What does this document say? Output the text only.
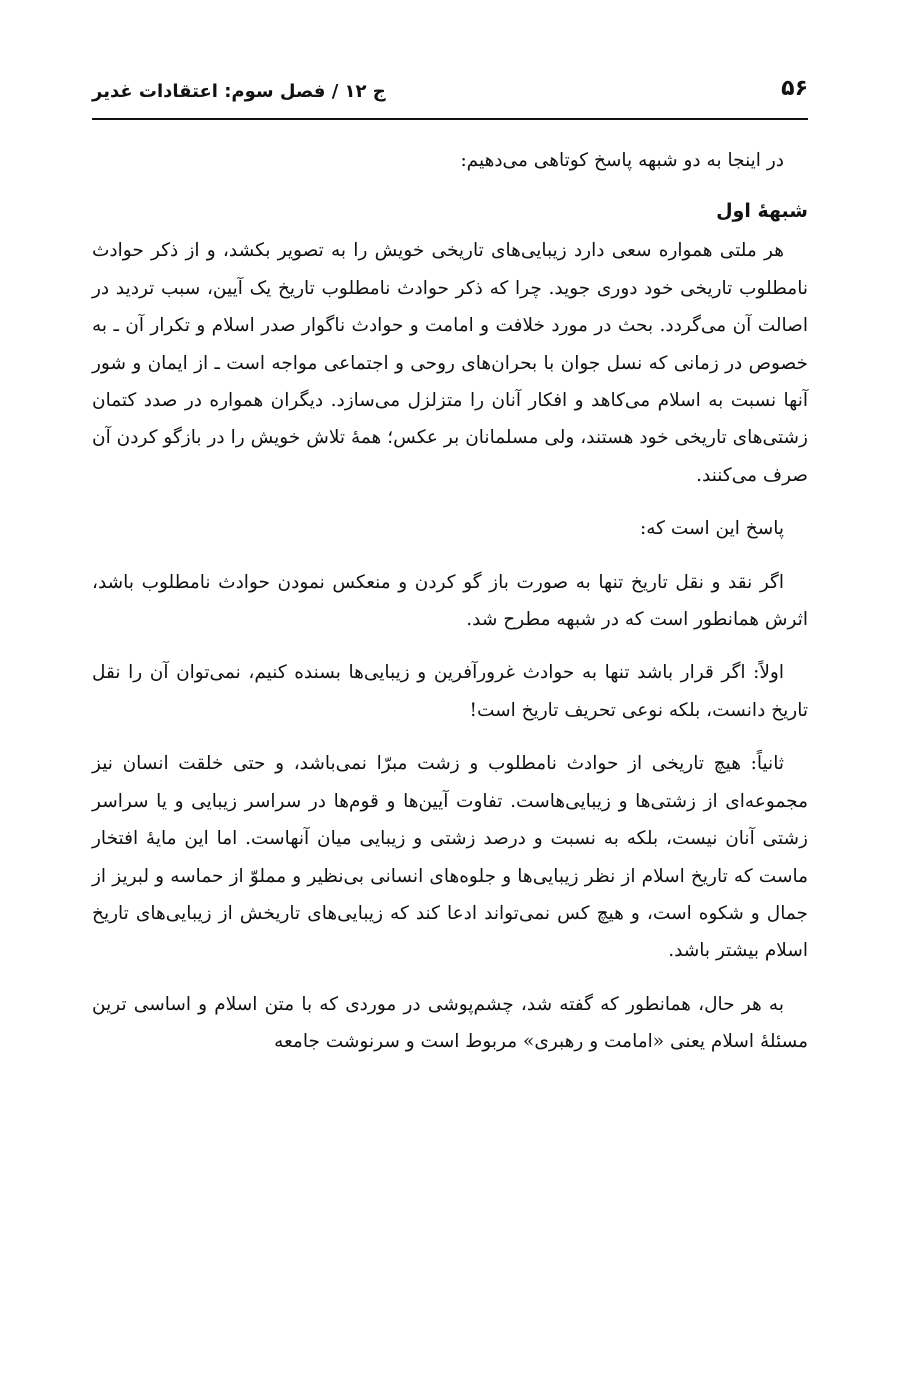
۵۶
ج ۱۲ / فصل سوم: اعتقادات غدیر

در اینجا به دو شبهه پاسخ کوتاهی می‌دهیم:

شبهۀ اول

هر ملتی همواره سعی دارد زیبایی‌های تاریخی خویش را به تصویر بکشد، و از ذکر حوادث نامطلوب تاریخی خود دوری جوید. چرا که ذکر حوادث نامطلوب تاریخ یک آیین، سبب تردید در اصالت آن می‌گردد. بحث در مورد خلافت و امامت و حوادث ناگوار صدر اسلام و تکرار آن ـ به خصوص در زمانی که نسل جوان با بحران‌های روحی و اجتماعی مواجه است ـ از ایمان و شور آنها نسبت به اسلام می‌کاهد و افکار آنان را متزلزل می‌سازد. دیگران همواره در صدد کتمان زشتی‌های تاریخی خود هستند، ولی مسلمانان بر عکس؛ همۀ تلاش خویش را در بازگو کردن آن صرف می‌کنند.

پاسخ این است که:

اگر نقد و نقل تاریخ تنها به صورت باز گو کردن و منعکس نمودن حوادث نامطلوب باشد، اثرش همانطور است که در شبهه مطرح شد.

اولاً: اگر قرار باشد تنها به حوادث غرورآفرین و زیبایی‌ها بسنده کنیم، نمی‌توان آن را نقل تاریخ دانست، بلکه نوعی تحریف تاریخ است!

ثانیاً: هیچ تاریخی از حوادث نامطلوب و زشت مبرّا نمی‌باشد، و حتی خلقت انسان نیز مجموعه‌ای از زشتی‌ها و زیبایی‌هاست. تفاوت آیین‌ها و قوم‌ها در سراسر زیبایی و یا سراسر زشتی آنان نیست، بلکه به نسبت و درصد زشتی و زیبایی میان آنهاست. اما این مایۀ افتخار ماست که تاریخ اسلام از نظر زیبایی‌ها و جلوه‌های انسانی بی‌نظیر و مملوّ از حماسه و لبریز از جمال و شکوه است، و هیچ کس نمی‌تواند ادعا کند که زیبایی‌های تاریخش از زیبایی‌های تاریخ اسلام بیشتر باشد.

به هر حال، همانطور که گفته شد، چشم‌پوشی در موردی که با متن اسلام و اساسی ترین مسئلۀ اسلام یعنی «امامت و رهبری» مربوط است و سرنوشت جامعه
